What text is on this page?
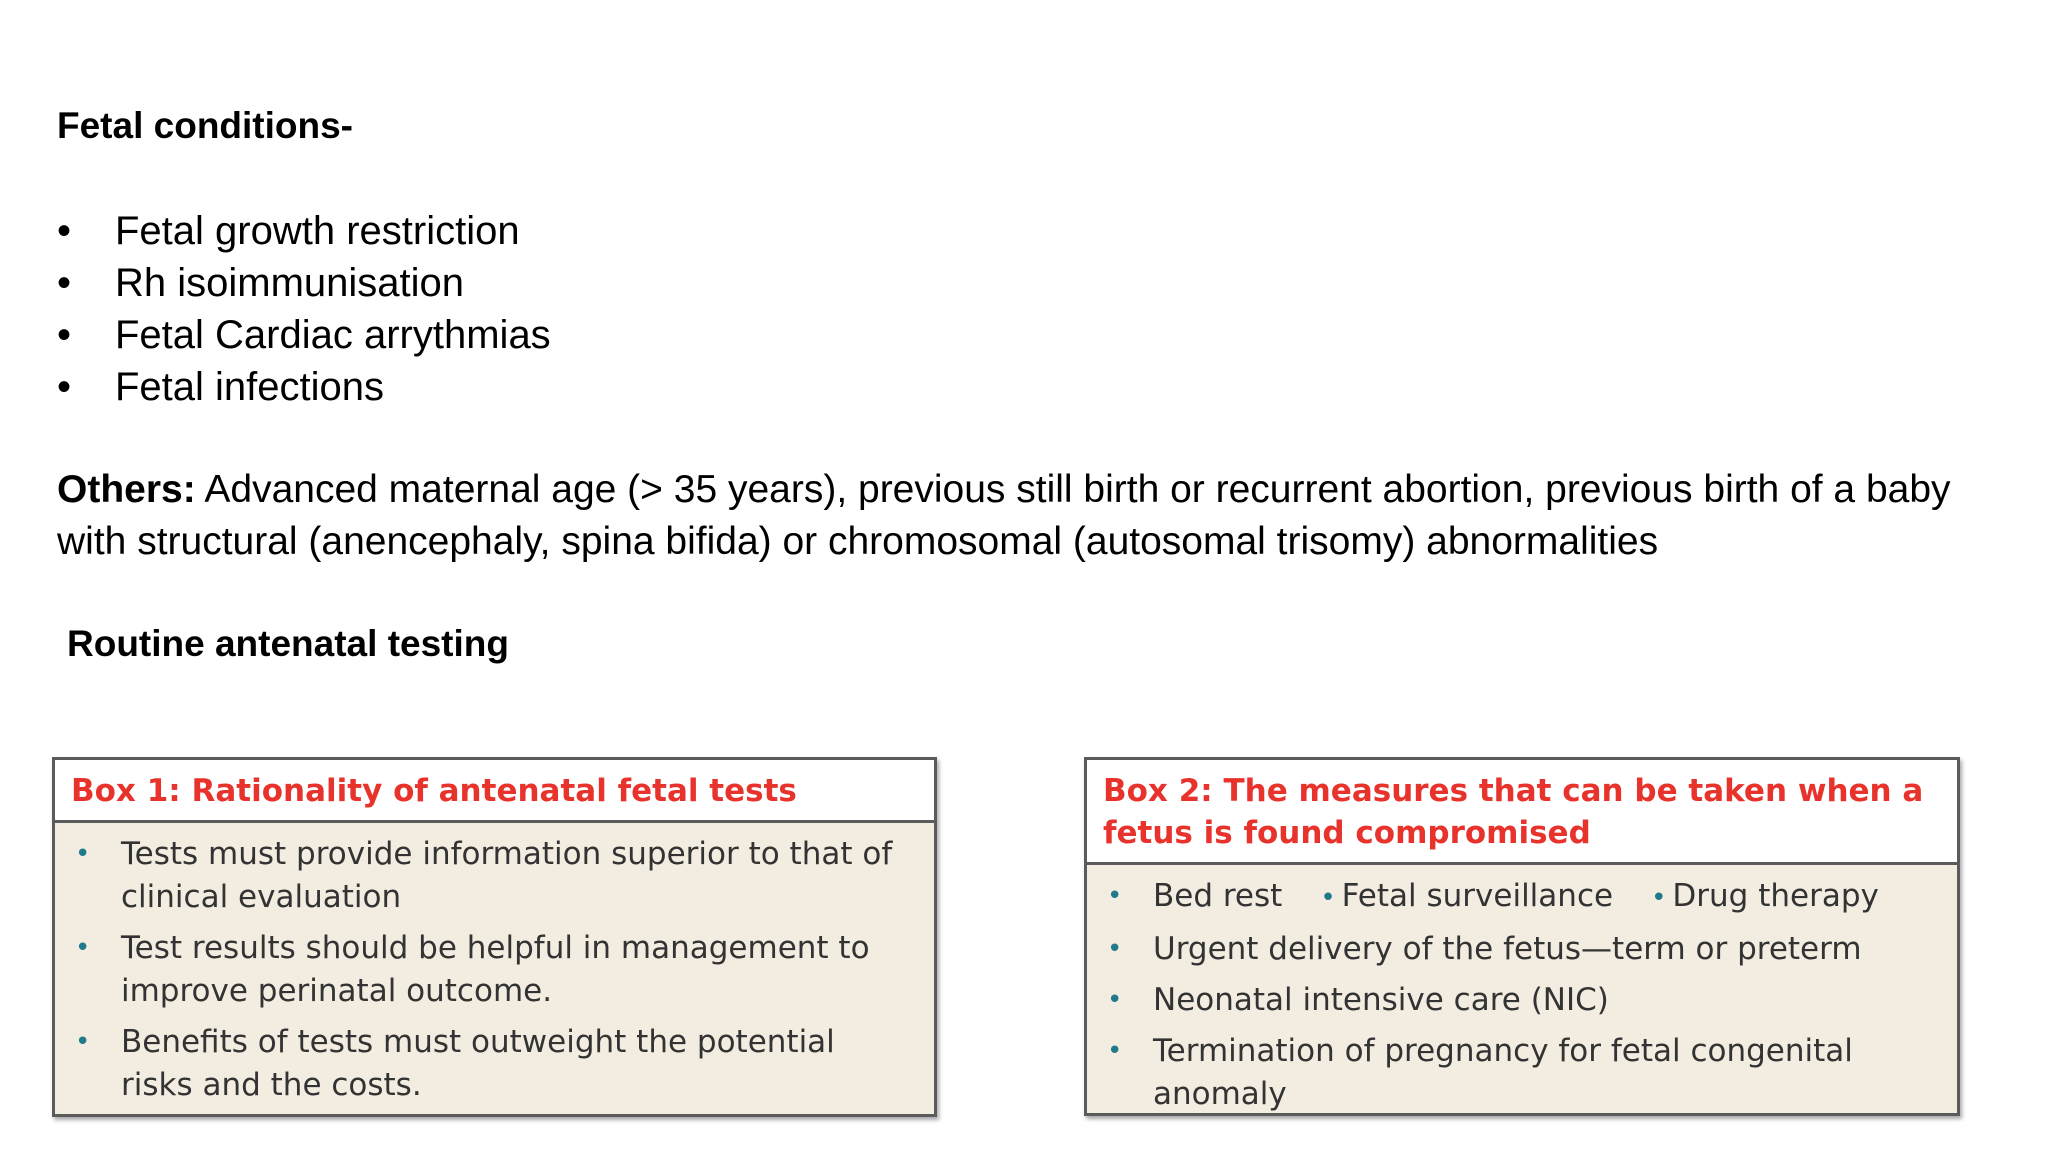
Fetal conditions-
• Fetal growth restriction
• Rh isoimmunisation
• Fetal Cardiac arrythmias
• Fetal infections

Others: Advanced maternal age (> 35 years), previous still birth or recurrent abortion, previous birth of a baby with structural (anencephaly, spina bifida) or chromosomal (autosomal trisomy) abnormalities

Routine antenatal testing
Box 1: Rationality of antenatal fetal tests
• Tests must provide information superior to that of clinical evaluation
• Test results should be helpful in management to improve perinatal outcome.
• Benefits of tests must outweight the potential risks and the costs.
Box 2: The measures that can be taken when a fetus is found compromised
• Bed rest • Fetal surveillance • Drug therapy
• Urgent delivery of the fetus—term or preterm
• Neonatal intensive care (NIC)
• Termination of pregnancy for fetal congenital anomaly
